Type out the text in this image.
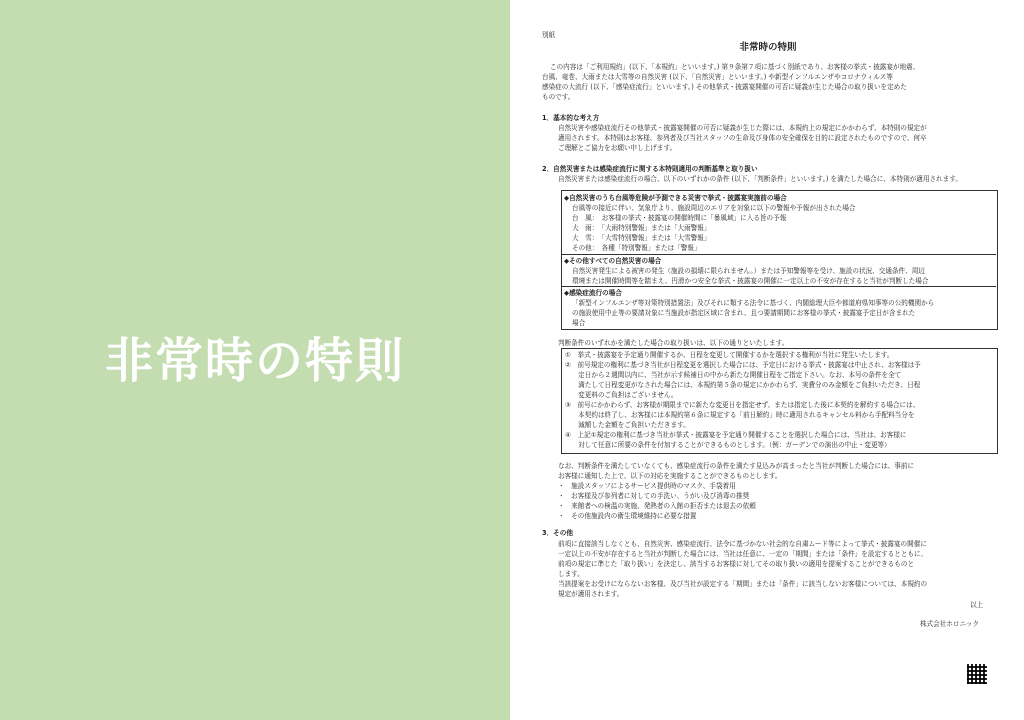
非常時の特則
別紙
非常時の特則
この内容は「ご利用規約」(以下、「本規約」といいます。) 第９条第７項に基づく別紙であり、お客様の挙式・披露宴が地震、
台風、竜巻、大雨または大雪等の自然災害 (以下、「自然災害」といいます。) や新型インフルエンザやコロナウィルス等
感染症の大流行 (以下、「感染症流行」といいます。) その他挙式・披露宴開催の可否に疑義が生じた場合の取り扱いを定めた
ものです。
1．基本的な考え方
自然災害や感染症流行その他挙式・披露宴開催の可否に疑義が生じた際には、本規約上の規定にかかわらず、本特則の規定が
適用されます。本特則はお客様、参列者及び当社スタッフの生命及び身体の安全確保を目的に設定されたものですので、何卒
ご理解とご協力をお願い申し上げます。
2．自然災害または感染症流行に関する本特則適用の判断基準と取り扱い
自然災害または感染症流行の場合、以下のいずれかの条件 (以下、「判断条件」といいます。) を満たした場合に、本特則が適用されます。
◆自然災害のうち台風等危険が予測できる災害で挙式・披露宴実施前の場合
台風等の接近に伴い、気象庁より、施設周辺のエリアを対象に以下の警報や予報が出された場合
台　風：　お客様の挙式・披露宴の開催時間に「暴風域」に入る旨の予報
大　雨：　「大雨特別警報」または「大雨警報」
大　雪：　「大雪特別警報」または「大雪警報」
その他：　各種「特別警報」または「警報」
◆その他すべての自然災害の場合
自然災害発生による被害の発生（施設の損壊に限られません。）または予知警報等を受け、施設の状況、交通条件、周辺
環境または開催時間等を踏まえ、円滑かつ安全な挙式・披露宴の開催に一定以上の不安が存在すると当社が判断した場合
◆感染症流行の場合
「新型インフルエンザ等対策特別措置法」及びそれに類する法令に基づく、内閣総理大臣や都道府県知事等の公的機関から
の施設使用中止等の要請対象に当施設が指定区域に含まれ、且つ要請期間にお客様の挙式・披露宴予定日が含まれた
場合
判断条件のいずれかを満たした場合の取り扱いは、以下の通りといたします。
①　挙式・披露宴を予定通り開催するか、日程を変更して開催するかを選択する権利が当社に発生いたします。
②　前号規定の権利に基づき当社が日程変更を選択した場合には、予定日における挙式・披露宴は中止され、お客様は予
　　定日から２週間以内に、当社が示す候補日の中から新たな開催日程をご指定下さい。なお、本号の条件を全て
　　満たして日程変更がなされた場合には、本規約第５条の規定にかかわらず、実費分のみ金額をご負担いただき、日程
　　変更料のご負担はございません。
③　前号にかかわらず、お客様が期限までに新たな変更日を指定せず、または指定した後に本契約を解約する場合には、
　　本契約は終了し、お客様には本規約第６条に規定する「前日解約」時に適用されるキャンセル料から手配料当分を
　　減額した金額をご負担いただきます。
④　上記①規定の権利に基づき当社が挙式・披露宴を予定通り開催することを選択した場合には、当社は、お客様に
　　対して任意に所要の条件を付加することができるものとします。（例：ガーデンでの演出の中止・変更等）
なお、判断条件を満たしていなくても、感染症流行の条件を満たす見込みが高まったと当社が判断した場合には、事前に
お客様に通知した上で、以下の対応を実施することができるものとします。
・　施設スタッフによるサービス提供時のマスク、手袋着用
・　お客様及び参列者に対しての手洗い、うがい及び消毒の推奨
・　来館者への検温の実施、発熱者の入館の拒否または退去の依頼
・　その他施設内の衛生環境維持に必要な措置
3．その他
前項に直接該当しなくとも、自然災害、感染症流行、法令に基づかない社会的な自粛ムード等によって挙式・披露宴の開催に
一定以上の不安が存在すると当社が判断した場合には、当社は任意に、一定の「期間」または「条件」を設定するとともに、
前項の規定に準じた「取り扱い」を決定し、該当するお客様に対してその取り扱いの適用を提案することができるものと
します。
当該提案をお受けにならないお客様、及び当社が設定する「期間」または「条件」に該当しないお客様については、本規約の
規定が適用されます。
以上
株式会社ホロニック
